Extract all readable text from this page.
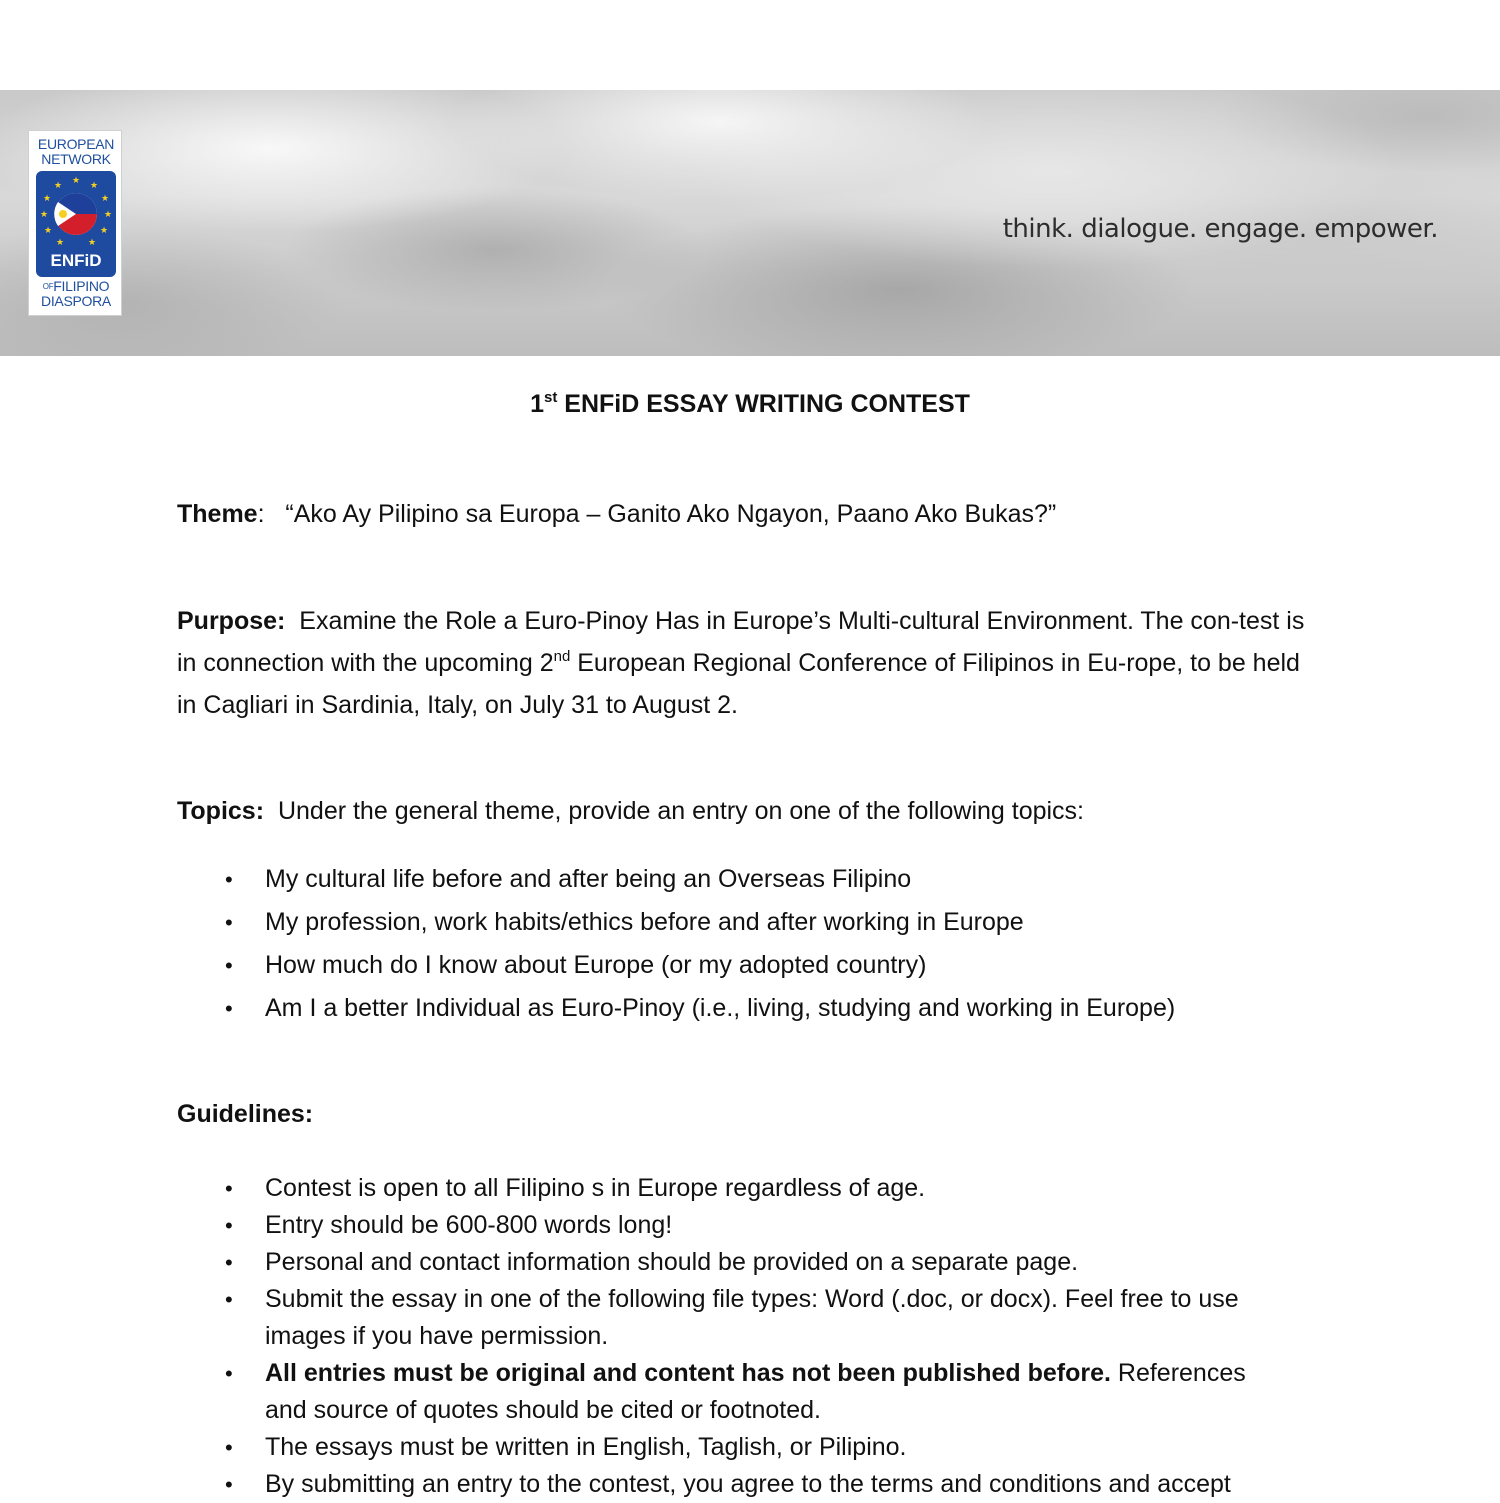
EUROPEAN
NETWORK
★ ★
★
★
★
★
★
★
★
★
★
ENFiD
$^{OF}$FILIPINO
DIASPORA
think. dialogue. engage. empower.
1st ENFiD ESSAY WRITING CONTEST
Theme: “Ako Ay Pilipino sa Europa – Ganito Ako Ngayon, Paano Ako Bukas?”
Purpose: Examine the Role a Euro-Pinoy Has in Europe’s Multi-cultural Environment. The con-test is in connection with the upcoming 2nd European Regional Conference of Filipinos in Eu-rope, to be held in Cagliari in Sardinia, Italy, on July 31 to August 2.
Topics: Under the general theme, provide an entry on one of the following topics:
• My cultural life before and after being an Overseas Filipino
• My profession, work habits/ethics before and after working in Europe
• How much do I know about Europe (or my adopted country)
• Am I a better Individual as Euro-Pinoy (i.e., living, studying and working in Europe)
Guidelines:
• Contest is open to all Filipino s in Europe regardless of age.
• Entry should be 600-800 words long!
• Personal and contact information should be provided on a separate page.
• Submit the essay in one of the following file types: Word (.doc, or docx). Feel free to use images if you have permission.
• All entries must be original and content has not been published before. References and source of quotes should be cited or footnoted.
• The essays must be written in English, Taglish, or Pilipino.
• By submitting an entry to the contest, you agree to the terms and conditions and accept
